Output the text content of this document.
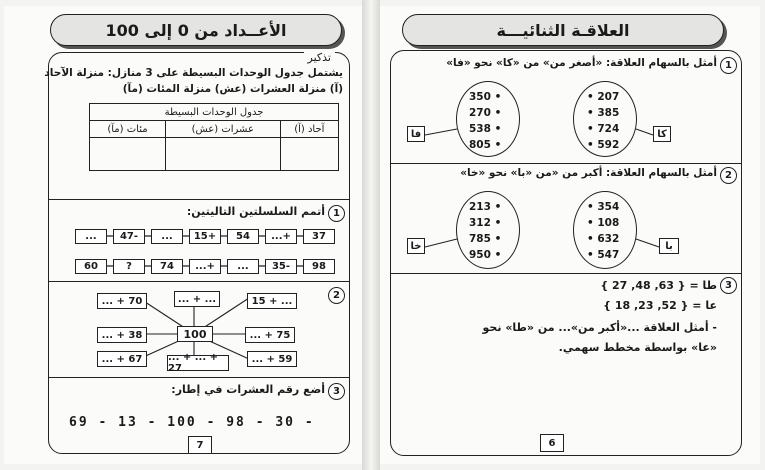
الأعــداد من 0 إلى 100
تذكير
يشتمل جدول الوحدات البسيطة على 3 منازل: منزلة الآحاد
(آ) منزلة العشرات (عش) منزلة المئات (مآ)
جدول الوحدات البسيطة		
مئات (مآ)	عشرات (عش)	آحاد (آ)

1
أتمم السلسلتين التاليتين:
2
100
... + 70	... + ...	15 + ...
... + 38	... + 75
... + 67	... + ... + 27
... + 59
3
أضع رقم العشرات في إطار:
69 - 13 - 100 - 98 - 30 -
37
...+
54
15+
...
47-
...
98
35-
...
...+
74
?
60
7
العلاقـة الثنائيـــة
1
أمثل بالسهام العلاقة: «أصغر من» من «كا» نحو «فا»
فا	كا
2
أمثل بالسهام العلاقة: أكبر من «من «با» نحو «خا»
خا	با
3
طا = { 63, 48, 27 }
عا = { 52, 23, 18 }
- أمثل العلاقة ...«أكبر من»... من «طا» نحو
«عا» بواسطة مخطط سهمي.
350 •
270 •
538 •
805 •
• 207
• 385
• 724
• 592
213 •
312 •
785 •
950 •
• 354
• 108
• 632
• 547
6
